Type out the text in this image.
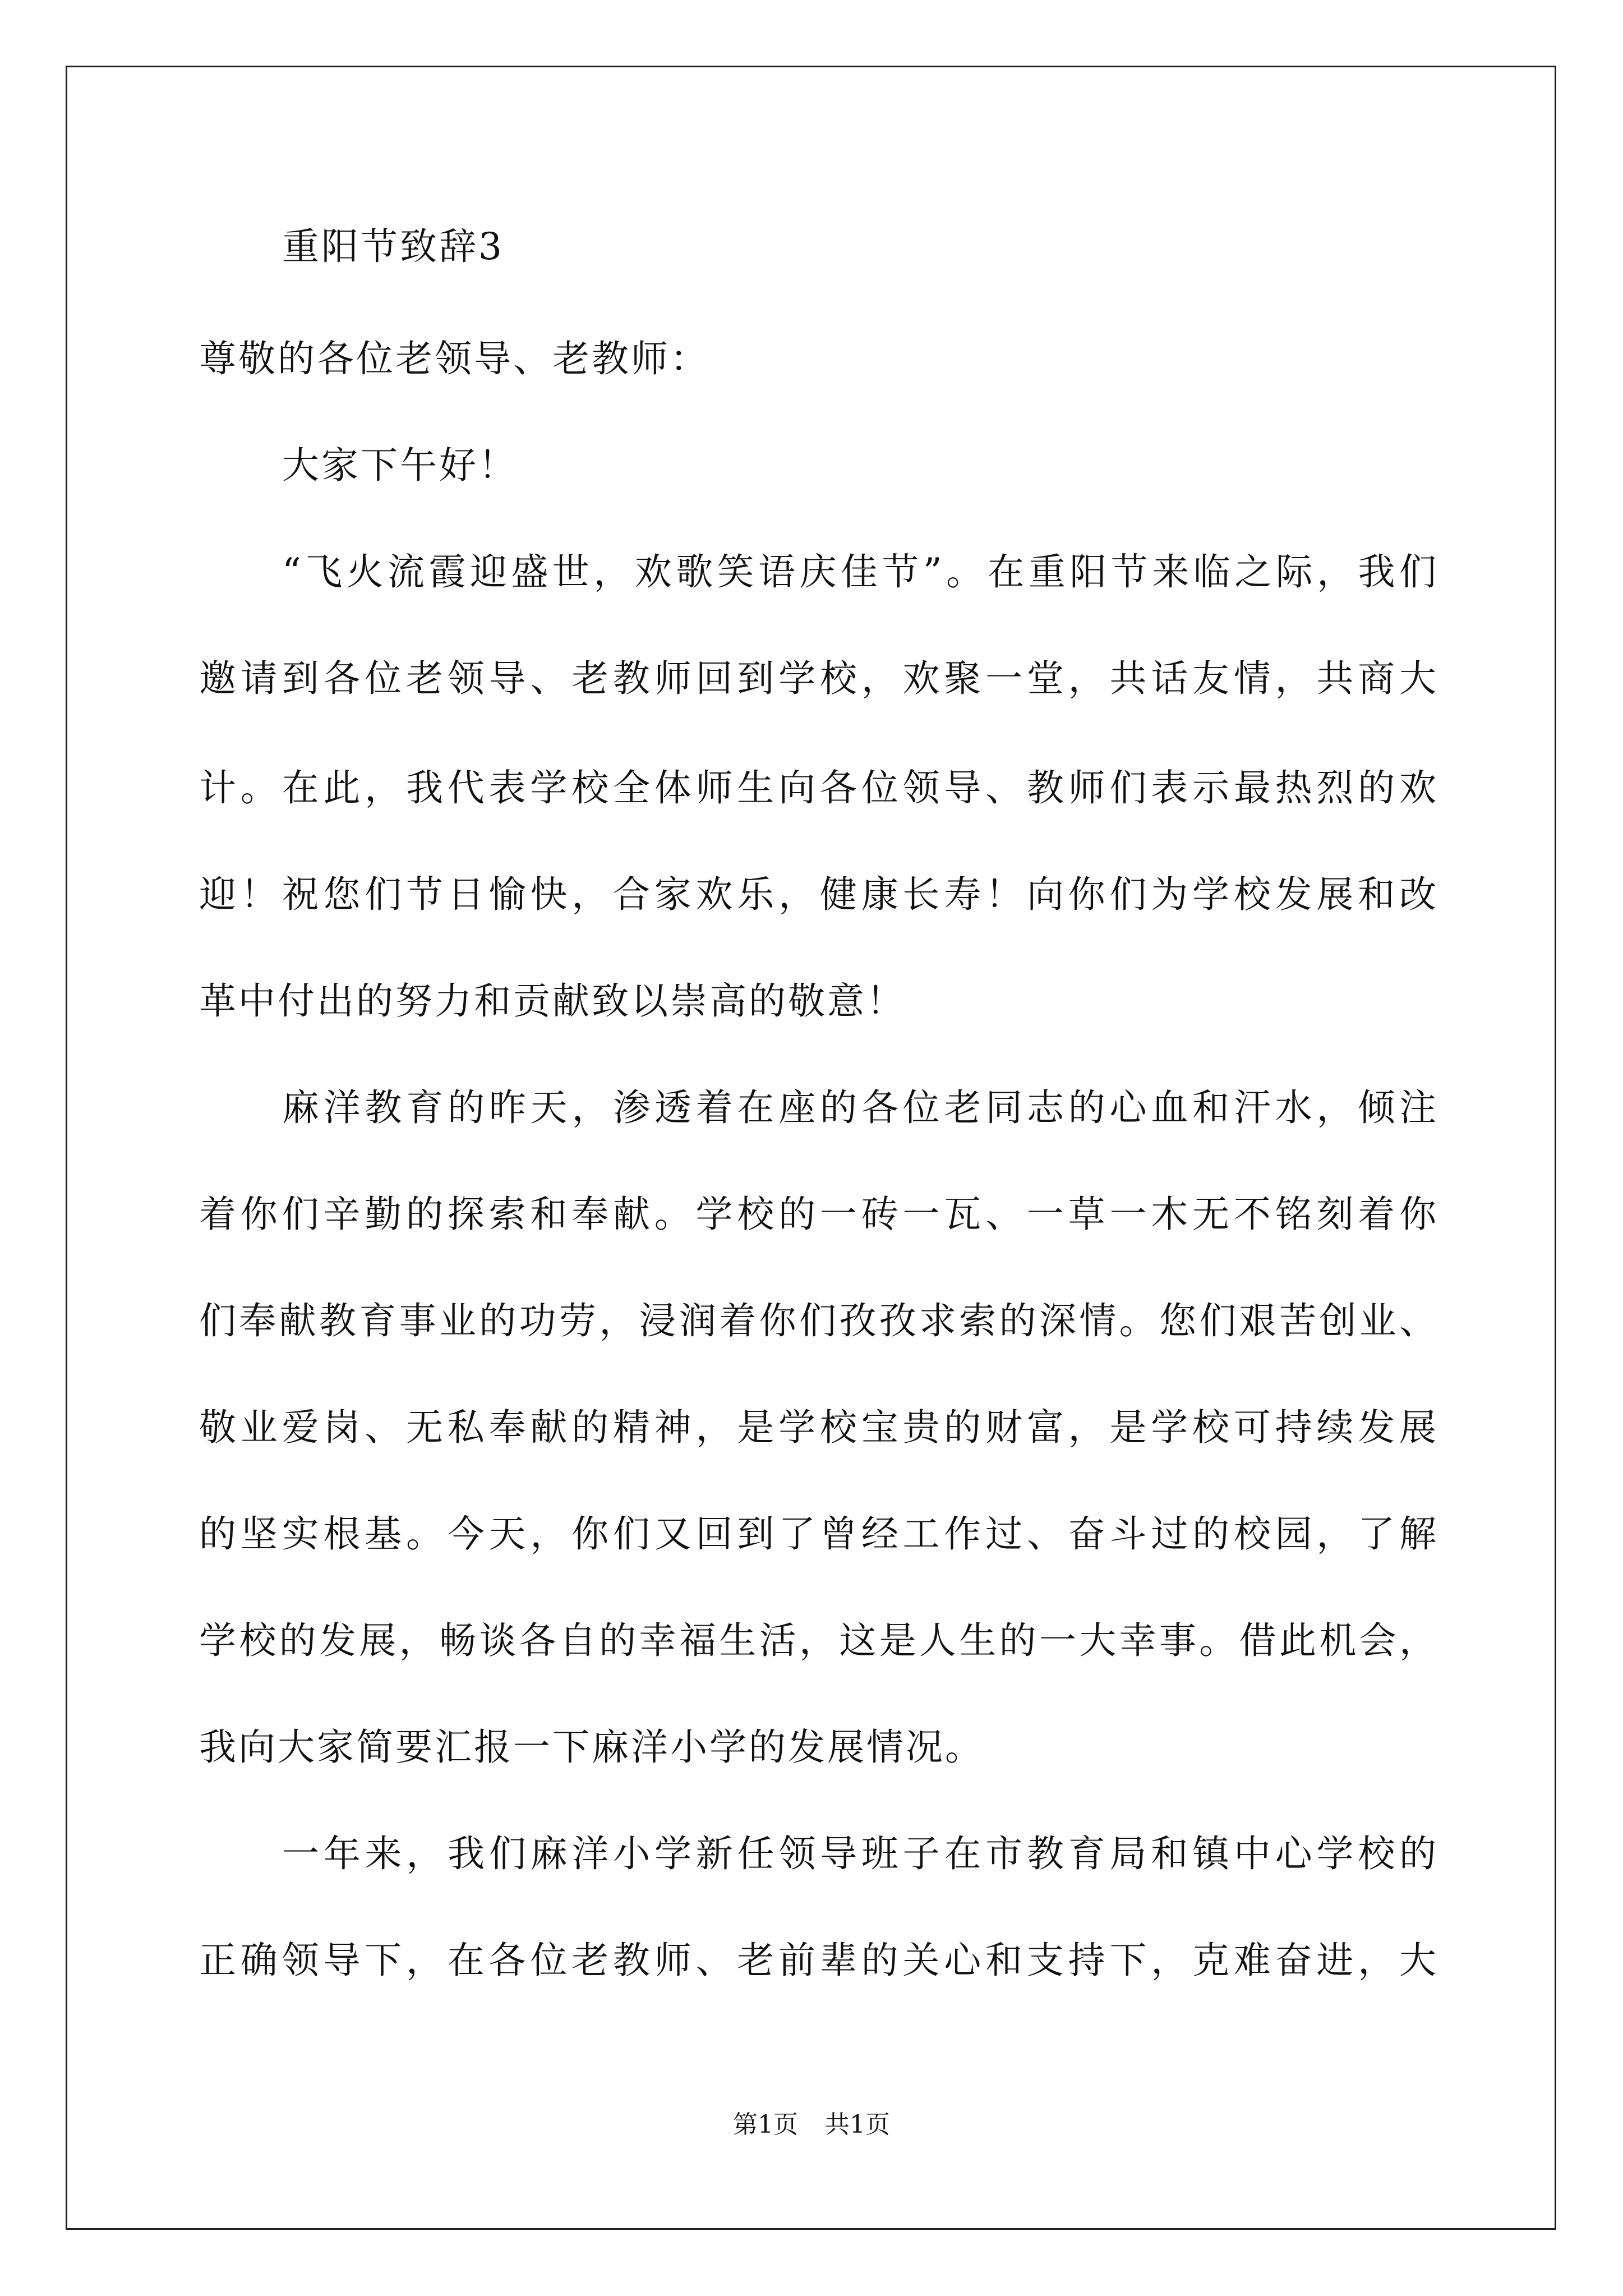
重阳节致辞3
尊敬的各位老领导、老教师：
大家下午好！
“飞火流霞迎盛世，欢歌笑语庆佳节”。在重阳节来临之际，我们
邀请到各位老领导、老教师回到学校，欢聚一堂，共话友情，共商大
计。在此，我代表学校全体师生向各位领导、教师们表示最热烈的欢
迎！祝您们节日愉快，合家欢乐，健康长寿！向你们为学校发展和改
革中付出的努力和贡献致以崇高的敬意！
麻洋教育的昨天，渗透着在座的各位老同志的心血和汗水，倾注
着你们辛勤的探索和奉献。学校的一砖一瓦、一草一木无不铭刻着你
们奉献教育事业的功劳，浸润着你们孜孜求索的深情。您们艰苦创业、
敬业爱岗、无私奉献的精神，是学校宝贵的财富，是学校可持续发展
的坚实根基。今天，你们又回到了曾经工作过、奋斗过的校园，了解
学校的发展，畅谈各自的幸福生活，这是人生的一大幸事。借此机会，
我向大家简要汇报一下麻洋小学的发展情况。
一年来，我们麻洋小学新任领导班子在市教育局和镇中心学校的
正确领导下，在各位老教师、老前辈的关心和支持下，克难奋进，大
第1页 共1页
